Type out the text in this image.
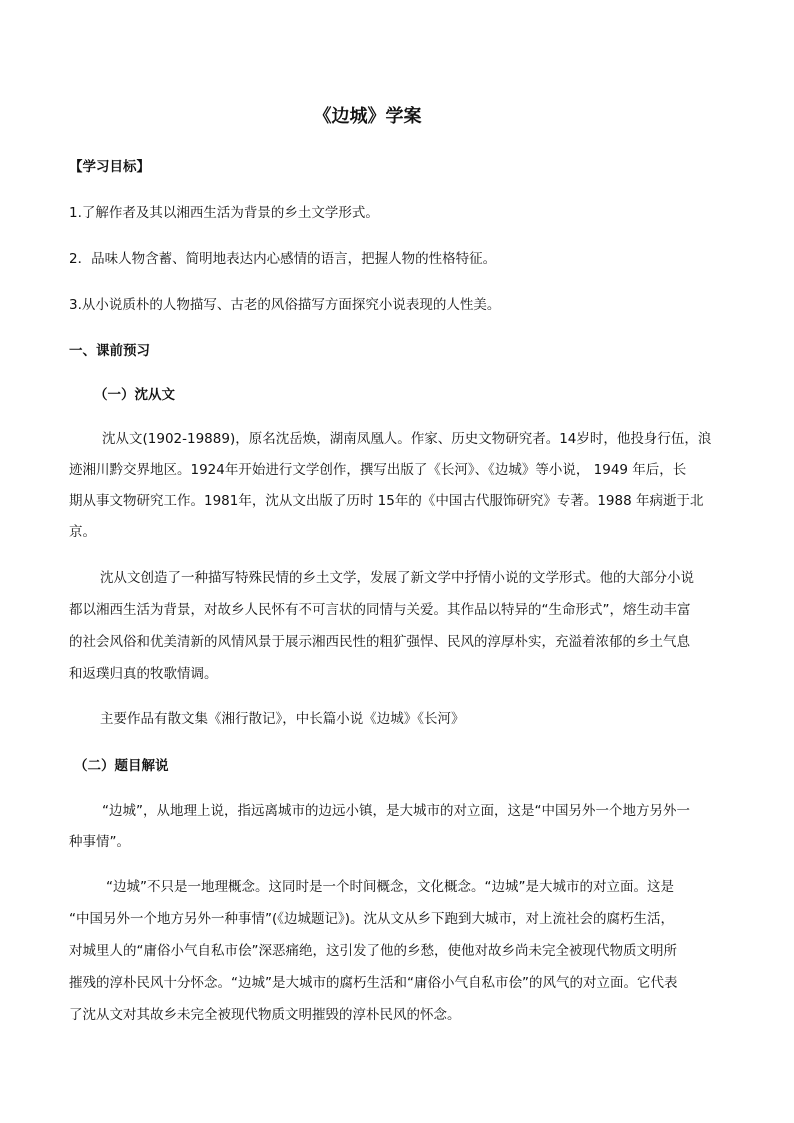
《边城》学案
【学习目标】
1.了解作者及其以湘西生活为背景的乡土文学形式。
2．品味人物含蓄、简明地表达内心感情的语言，把握人物的性格特征。
3.从小说质朴的人物描写、古老的风俗描写方面探究小说表现的人性美。
一、课前预习
（一）沈从文
沈从文(1902-19889)，原名沈岳焕，湖南凤凰人。作家、历史文物研究者。14岁时，他投身行伍，浪
迹湘川黔交界地区。1924年开始进行文学创作，撰写出版了《长河》、《边城》等小说， 1949 年后，长
期从事文物研究工作。1981年，沈从文出版了历时 15年的《中国古代服饰研究》专著。1988 年病逝于北
京。
沈从文创造了一种描写特殊民情的乡土文学，发展了新文学中抒情小说的文学形式。他的大部分小说
都以湘西生活为背景，对故乡人民怀有不可言状的同情与关爱。其作品以特异的“生命形式”，熔生动丰富
的社会风俗和优美清新的风情风景于展示湘西民性的粗犷强悍、民风的淳厚朴实，充溢着浓郁的乡土气息
和返璞归真的牧歌情调。
主要作品有散文集《湘行散记》，中长篇小说《边城》《长河》
（二）题目解说
“边城”，从地理上说，指远离城市的边远小镇，是大城市的对立面，这是“中国另外一个地方另外一
种事情”。
“边城”不只是一地理概念。这同时是一个时间概念，文化概念。“边城”是大城市的对立面。这是
“中国另外一个地方另外一种事情”(《边城题记》)。沈从文从乡下跑到大城市，对上流社会的腐朽生活，
对城里人的“庸俗小气自私市侩”深恶痛绝，这引发了他的乡愁，使他对故乡尚未完全被现代物质文明所
摧残的淳朴民风十分怀念。“边城”是大城市的腐朽生活和“庸俗小气自私市侩”的风气的对立面。它代表
了沈从文对其故乡未完全被现代物质文明摧毁的淳朴民风的怀念。
